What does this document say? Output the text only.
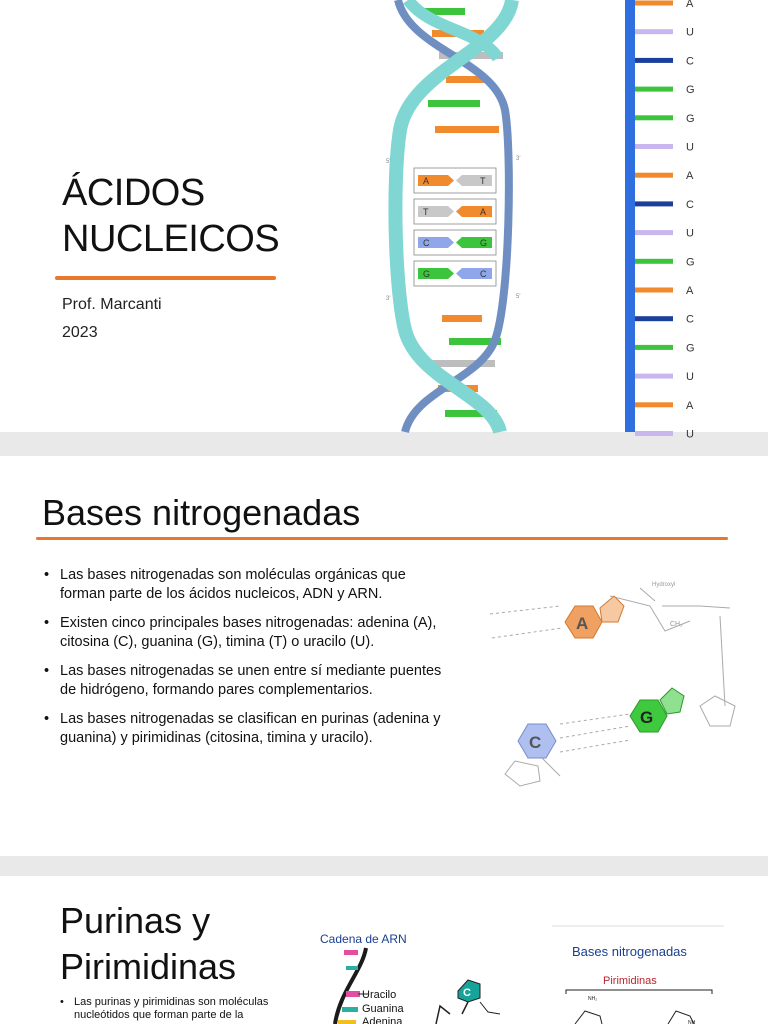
ÁCIDOS
NUCLEICOS
Prof. Marcanti
2023
A	T
T	A
C	G
G	C
5'	3'
3'	5'
A
U
C
G
G
U
A
C
U
G
A
C
G
U
A
U
Bases nitrogenadas
• Las bases nitrogenadas son moléculas orgánicas que forman parte de los ácidos nucleicos, ADN y ARN.
• Existen cinco principales bases nitrogenadas: adenina (A), citosina (C), guanina (G), timina (T) o uracilo (U).
• Las bases nitrogenadas se unen entre sí mediante puentes de hidrógeno, formando pares complementarios.
• Las bases nitrogenadas se clasifican en purinas (adenina y guanina) y pirimidinas (citosina, timina y uracilo).
A
G
C
Hydroxyl
CH₂
Purinas y
Pirimidinas
• Las purinas y pirimidinas son moléculas
nucleótidos que forman parte de la
Cadena de ARN
Uracilo
Guanina
Adenina
C
Bases nitrogenadas
Pirimidinas
NH₂
NH
